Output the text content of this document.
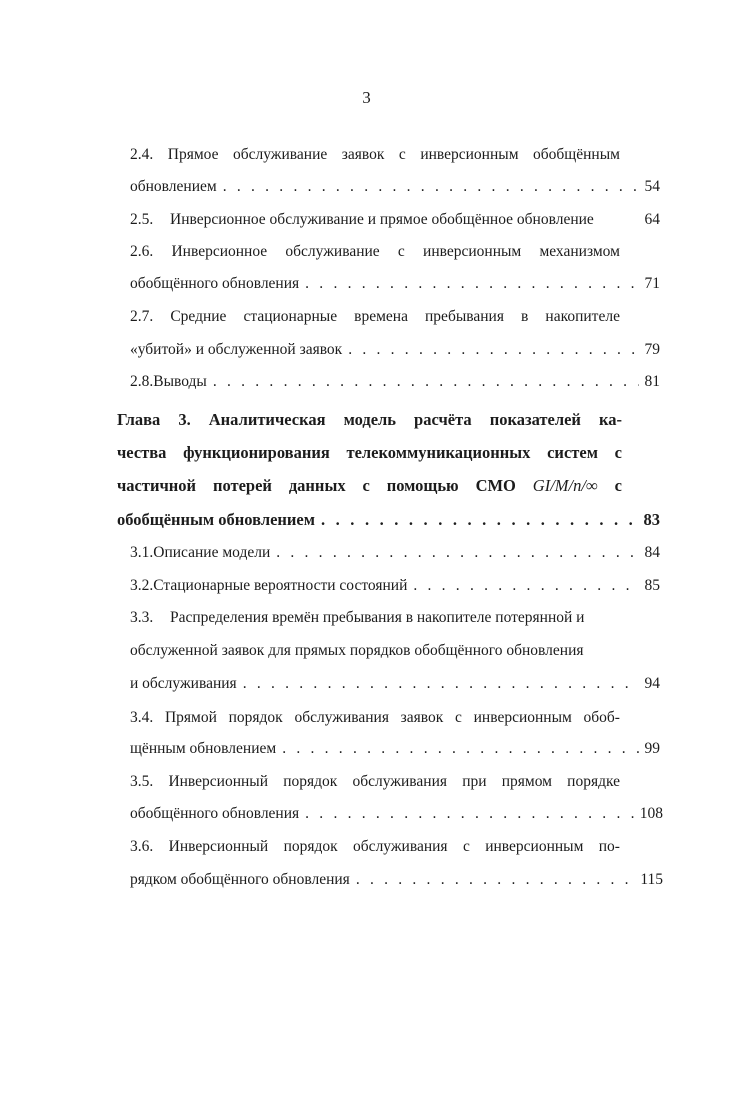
3
2.4. Прямое обслуживание заявок с инверсионным обобщённым
обновлением . . .	54
2.5.	Инверсионное обслуживание и прямое обобщённое обновление	64
2.6. Инверсионное обслуживание с инверсионным механизмом
обобщённого обновления . . .	71
2.7. Средние стационарные времена пребывания в накопителе
«убитой» и обслуженной заявок . . .	79
2.8. Выводы . . .	81
Глава 3. Аналитическая модель расчёта показателей ка-
чества функционирования телекоммуникационных систем с
частичной потерей данных с помощью СМО GI/M/n/∞ с
обобщённым обновлением . . .	83
3.1. Описание модели . . .	84
3.2. Стационарные вероятности состояний . . .	85
3.3.	Распределения времён пребывания в накопителе потерянной и
обслуженной заявок для прямых порядков обобщённого обновления
и обслуживания . . .	94
3.4. Прямой порядок обслуживания заявок с инверсионным обоб-
щённым обновлением . . .	99
3.5. Инверсионный порядок обслуживания при прямом порядке
обобщённого обновления . . .	108
3.6. Инверсионный порядок обслуживания с инверсионным по-
рядком обобщённого обновления . . .	115
